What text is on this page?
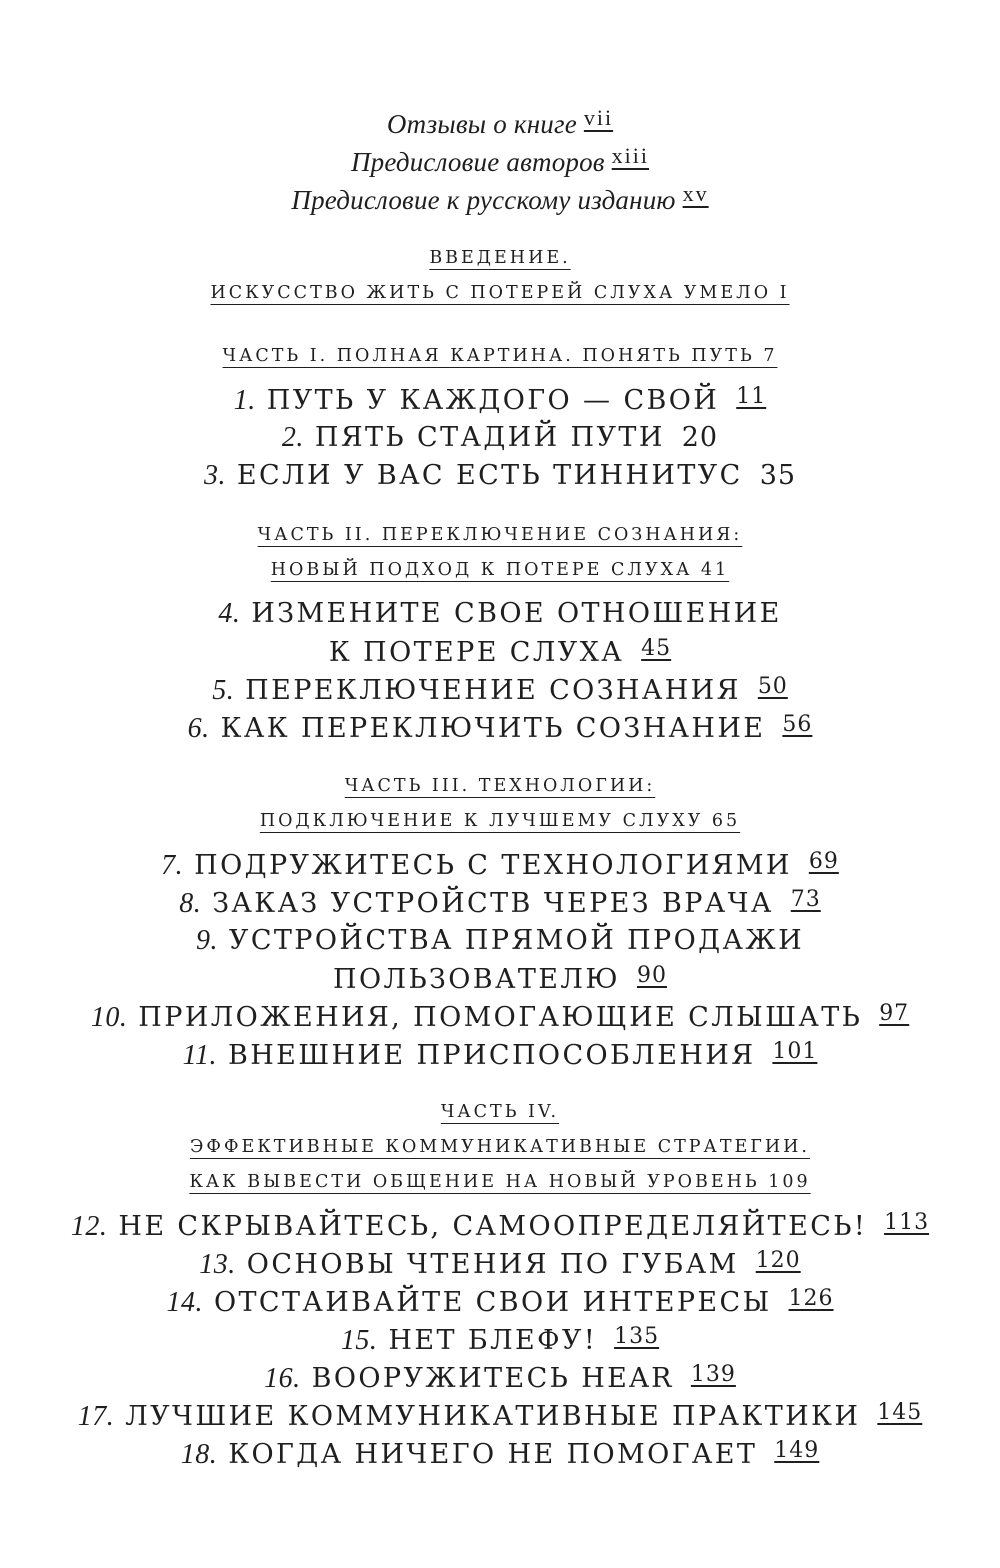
Отзывы о книге $^{vii}$
Предисловие авторов $^{xiii}$
Предисловие к русскому изданию $^{xv}$
ВВЕДЕНИЕ.
ИСКУССТВО ЖИТЬ С ПОТЕРЕЙ СЛУХА УМЕЛО I
ЧАСТЬ I. ПОЛНАЯ КАРТИНА. ПОНЯТЬ ПУТЬ 7
1. ПУТЬ У КАЖДОГО — СВОЙ $^{11}$
2. ПЯТЬ СТАДИЙ ПУТИ 20
3. ЕСЛИ У ВАС ЕСТЬ ТИННИТУС 35
ЧАСТЬ II. ПЕРЕКЛЮЧЕНИЕ СОЗНАНИЯ:
НОВЫЙ ПОДХОД К ПОТЕРЕ СЛУХА 41
4. ИЗМЕНИТЕ СВОЕ ОТНОШЕНИЕ
К ПОТЕРЕ СЛУХА $^{45}$
5. ПЕРЕКЛЮЧЕНИЕ СОЗНАНИЯ $^{50}$
6. КАК ПЕРЕКЛЮЧИТЬ СОЗНАНИЕ $^{56}$
ЧАСТЬ III. ТЕХНОЛОГИИ:
ПОДКЛЮЧЕНИЕ К ЛУЧШЕМУ СЛУХУ 65
7. ПОДРУЖИТЕСЬ С ТЕХНОЛОГИЯМИ $^{69}$
8. ЗАКАЗ УСТРОЙСТВ ЧЕРЕЗ ВРАЧА $^{73}$
9. УСТРОЙСТВА ПРЯМОЙ ПРОДАЖИ
ПОЛЬЗОВАТЕЛЮ $^{90}$
10. ПРИЛОЖЕНИЯ, ПОМОГАЮЩИЕ СЛЫШАТЬ $^{97}$
11. ВНЕШНИЕ ПРИСПОСОБЛЕНИЯ $^{101}$
ЧАСТЬ IV.
ЭФФЕКТИВНЫЕ КОММУНИКАТИВНЫЕ СТРАТЕГИИ.
КАК ВЫВЕСТИ ОБЩЕНИЕ НА НОВЫЙ УРОВЕНЬ 109
12. НЕ СКРЫВАЙТЕСЬ, САМООПРЕДЕЛЯЙТЕСЬ! $^{113}$
13. ОСНОВЫ ЧТЕНИЯ ПО ГУБАМ $^{120}$
14. ОТСТАИВАЙТЕ СВОИ ИНТЕРЕСЫ $^{126}$
15. НЕТ БЛЕФУ! $^{135}$
16. ВООРУЖИТЕСЬ HEAR $^{139}$
17. ЛУЧШИЕ КОММУНИКАТИВНЫЕ ПРАКТИКИ $^{145}$
18. КОГДА НИЧЕГО НЕ ПОМОГАЕТ $^{149}$
